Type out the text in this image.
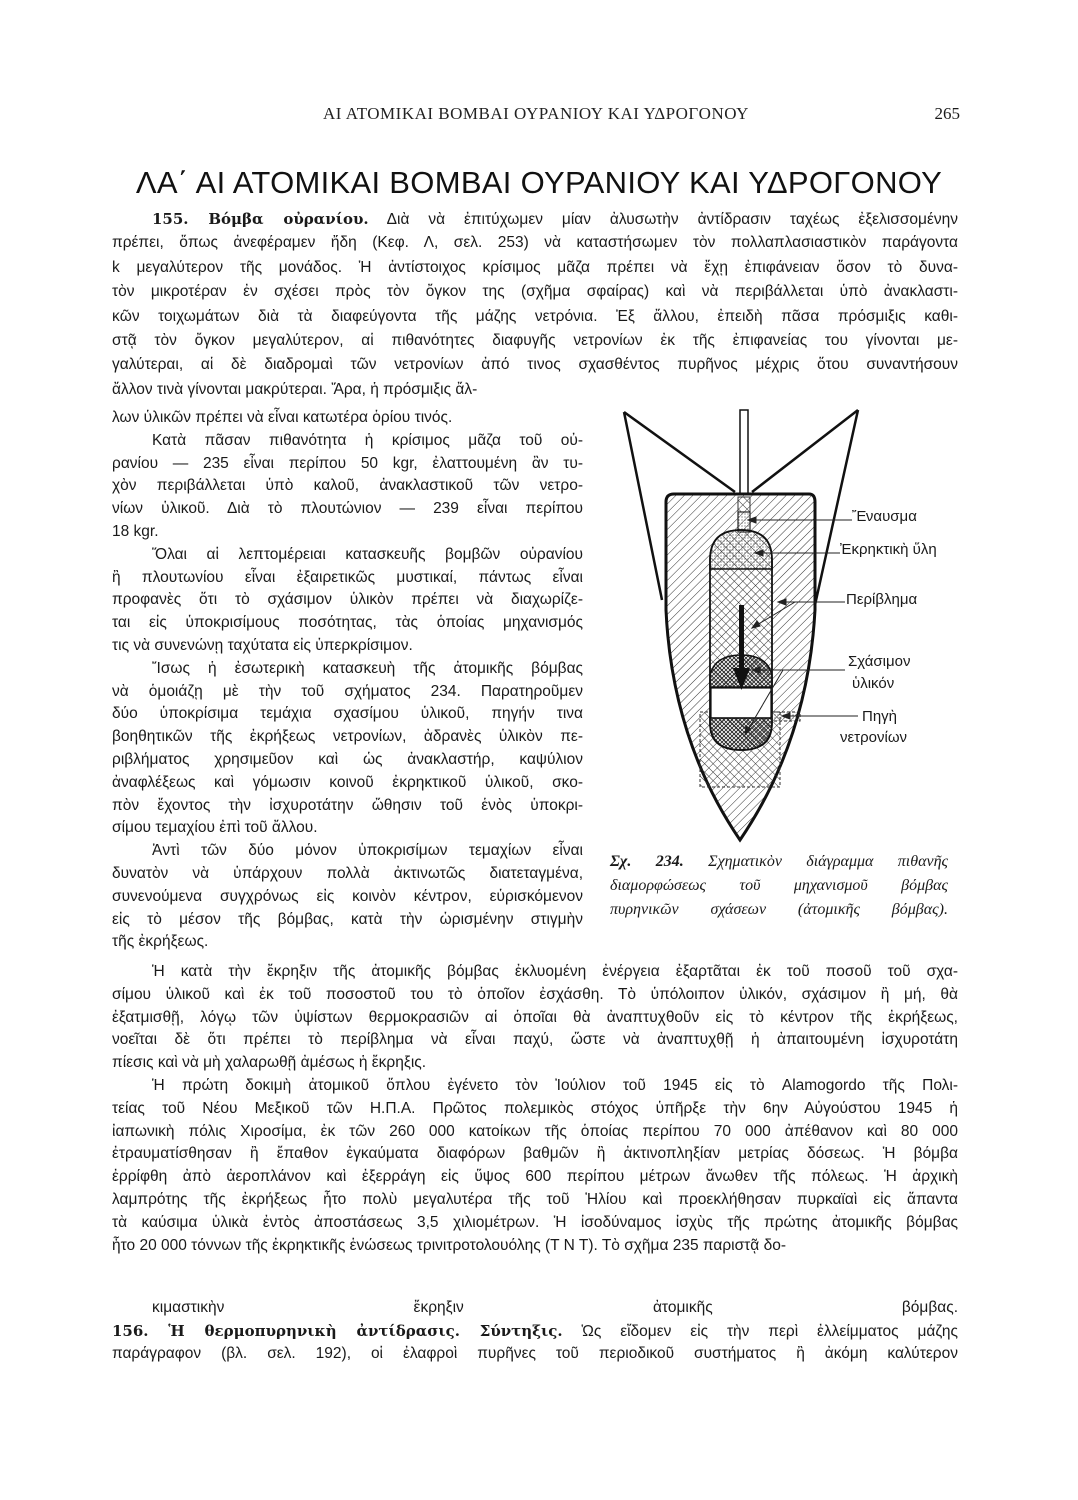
ΑΙ ΑΤΟΜΙΚΑΙ ΒΟΜΒΑΙ ΟΥΡΑΝΙΟΥ ΚΑΙ ΥΔΡΟΓΟΝΟΥ	265
ΛΑ΄ ΑΙ ΑΤΟΜΙΚΑΙ ΒΟΜΒΑΙ ΟΥΡΑΝΙΟΥ ΚΑΙ ΥΔΡΟΓΟΝΟΥ
155. Βόμβα οὐρανίου. Διὰ νὰ ἐπιτύχωμεν μίαν ἀλυσωτὴν ἀντίδρασιν ταχέως ἐξελισσομένην
πρέπει, ὅπως ἀνεφέραμεν ἤδη (Κεφ. Λ, σελ. 253) νὰ καταστήσωμεν τὸν πολλαπλασιαστικὸν παράγοντα
k μεγαλύτερον τῆς μονάδος. Ἡ ἀντίστοιχος κρίσιμος μᾶζα πρέπει νὰ ἔχῃ ἐπιφάνειαν ὅσον τὸ δυνα-
τὸν μικροτέραν ἐν σχέσει πρὸς τὸν ὄγκον της (σχῆμα σφαίρας) καὶ νὰ περιβάλλεται ὑπὸ ἀνακλαστι-
κῶν τοιχωμάτων διὰ τὰ διαφεύγοντα τῆς μάζης νετρόνια. Ἐξ ἄλλου, ἐπειδὴ πᾶσα πρόσμιξις καθι-
στᾷ τὸν ὄγκον μεγαλύτερον, αἱ πιθανότητες διαφυγῆς νετρονίων ἐκ τῆς ἐπιφανείας του γίνονται με-
γαλύτεραι, αἱ δὲ διαδρομαὶ τῶν νετρονίων ἀπό τινος σχασθέντος πυρῆνος μέχρις ὅτου συναντήσουν
ἄλλον τινὰ γίνονται μακρύτεραι. Ἄρα, ἡ πρόσμιξις ἄλ-
λων ὑλικῶν πρέπει νὰ εἶναι κατωτέρα ὁρίου τινός.
Κατὰ πᾶσαν πιθανότητα ἡ κρίσιμος μᾶζα τοῦ οὐ-
ρανίου — 235 εἶναι περίπου 50 kgr, ἐλαττουμένη ἂν τυ-
χὸν περιβάλλεται ὑπὸ καλοῦ, ἀνακλαστικοῦ τῶν νετρο-
νίων ὑλικοῦ. Διὰ τὸ πλουτώνιον — 239 εἶναι περίπου
18 kgr.
Ὅλαι αἱ λεπτομέρειαι κατασκευῆς βομβῶν οὐρανίου
ἢ πλουτωνίου εἶναι ἐξαιρετικῶς μυστικαί, πάντως εἶναι
προφανὲς ὅτι τὸ σχάσιμον ὑλικὸν πρέπει νὰ διαχωρίζε-
ται εἰς ὑποκρισίμους ποσότητας, τὰς ὁποίας μηχανισμός
τις νὰ συνενώνῃ ταχύτατα εἰς ὑπερκρίσιμον.
Ἴσως ἡ ἐσωτερικὴ κατασκευὴ τῆς ἀτομικῆς βόμβας
νὰ ὁμοιάζῃ μὲ τὴν τοῦ σχήματος 234. Παρατηροῦμεν
δύο ὑποκρίσιμα τεμάχια σχασίμου ὑλικοῦ, πηγήν τινα
βοηθητικῶν τῆς ἐκρήξεως νετρονίων, ἀδρανὲς ὑλικὸν πε-
ριβλήματος χρησιμεῦον καὶ ὡς ἀνακλαστήρ, καψύλιον
ἀναφλέξεως καὶ γόμωσιν κοινοῦ ἐκρηκτικοῦ ὑλικοῦ, σκο-
πὸν ἔχοντος τὴν ἰσχυροτάτην ὤθησιν τοῦ ἑνὸς ὑποκρι-
σίμου τεμαχίου ἐπὶ τοῦ ἄλλου.
Ἀντὶ τῶν δύο μόνον ὑποκρισίμων τεμαχίων εἶναι
δυνατὸν νὰ ὑπάρχουν πολλὰ ἀκτινωτῶς διατεταγμένα,
συνενούμενα συγχρόνως εἰς κοινὸν κέντρον, εὑρισκόμενον
εἰς τὸ μέσον τῆς βόμβας, κατὰ τὴν ὡρισμένην στιγμὴν
τῆς ἐκρήξεως.
Ἡ κατὰ τὴν ἔκρηξιν τῆς ἀτομικῆς βόμβας ἐκλυομένη ἐνέργεια ἐξαρτᾶται ἐκ τοῦ ποσοῦ τοῦ σχα-
σίμου ὑλικοῦ καὶ ἐκ τοῦ ποσοστοῦ του τὸ ὁποῖον ἐσχάσθη. Τὸ ὑπόλοιπον ὑλικόν, σχάσιμον ἢ μή, θὰ
ἐξατμισθῇ, λόγῳ τῶν ὑψίστων θερμοκρασιῶν αἱ ὁποῖαι θὰ ἀναπτυχθοῦν εἰς τὸ κέντρον τῆς ἐκρήξεως,
νοεῖται δὲ ὅτι πρέπει τὸ περίβλημα νὰ εἶναι παχύ, ὥστε νὰ ἀναπτυχθῇ ἡ ἀπαιτουμένη ἰσχυροτάτη
πίεσις καὶ νὰ μὴ χαλαρωθῇ ἀμέσως ἡ ἔκρηξις.
Ἡ πρώτη δοκιμὴ ἀτομικοῦ ὅπλου ἐγένετο τὸν Ἰούλιον τοῦ 1945 εἰς τὸ Alamogordo τῆς Πολι-
τείας τοῦ Νέου Μεξικοῦ τῶν Η.Π.Α. Πρῶτος πολεμικὸς στόχος ὑπῆρξε τὴν 6ην Αὐγούστου 1945 ἡ
ἰαπωνικὴ πόλις Χιροσίμα, ἐκ τῶν 260 000 κατοίκων τῆς ὁποίας περίπου 70 000 ἀπέθανον καὶ 80 000
ἐτραυματίσθησαν ἢ ἔπαθον ἐγκαύματα διαφόρων βαθμῶν ἢ ἀκτινοπληξίαν μετρίας δόσεως. Ἡ βόμβα
ἐρρίφθη ἀπὸ ἀεροπλάνον καὶ ἐξερράγη εἰς ὕψος 600 περίπου μέτρων ἄνωθεν τῆς πόλεως. Ἡ ἀρχικὴ
λαμπρότης τῆς ἐκρήξεως ἦτο πολὺ μεγαλυτέρα τῆς τοῦ Ἡλίου καὶ προεκλήθησαν πυρκαϊαὶ εἰς ἅπαντα
τὰ καύσιμα ὑλικὰ ἐντὸς ἀποστάσεως 3,5 χιλιομέτρων. Ἡ ἰσοδύναμος ἰσχὺς τῆς πρώτης ἀτομικῆς βόμβας
ἦτο 20 000 τόννων τῆς ἐκρηκτικῆς ἑνώσεως τρινιτροτολουόλης (Τ Ν Τ). Τὸ σχῆμα 235 παριστᾷ δο-
κιμαστικὴν ἔκρηξιν ἀτομικῆς βόμβας.
156. Ἡ θερμοπυρηνικὴ ἀντίδρασις. Σύντηξις. Ὡς εἴδομεν εἰς τὴν περὶ ἐλλείμματος μάζης
παράγραφον (βλ. σελ. 192), οἱ ἐλαφροὶ πυρῆνες τοῦ περιοδικοῦ συστήματος ἢ ἀκόμη καλύτερον
Ἔναυσμα
Ἐκρηκτικὴ ὕλη
Περίβλημα
Σχάσιμον
ὑλικόν
Πηγὴ
νετρονίων
Σχ. 234. Σχηματικὸν διάγραμμα πιθανῆς
διαμορφώσεως τοῦ μηχανισμοῦ βόμβας
πυρηνικῶν σχάσεων (ἀτομικῆς βόμβας).
